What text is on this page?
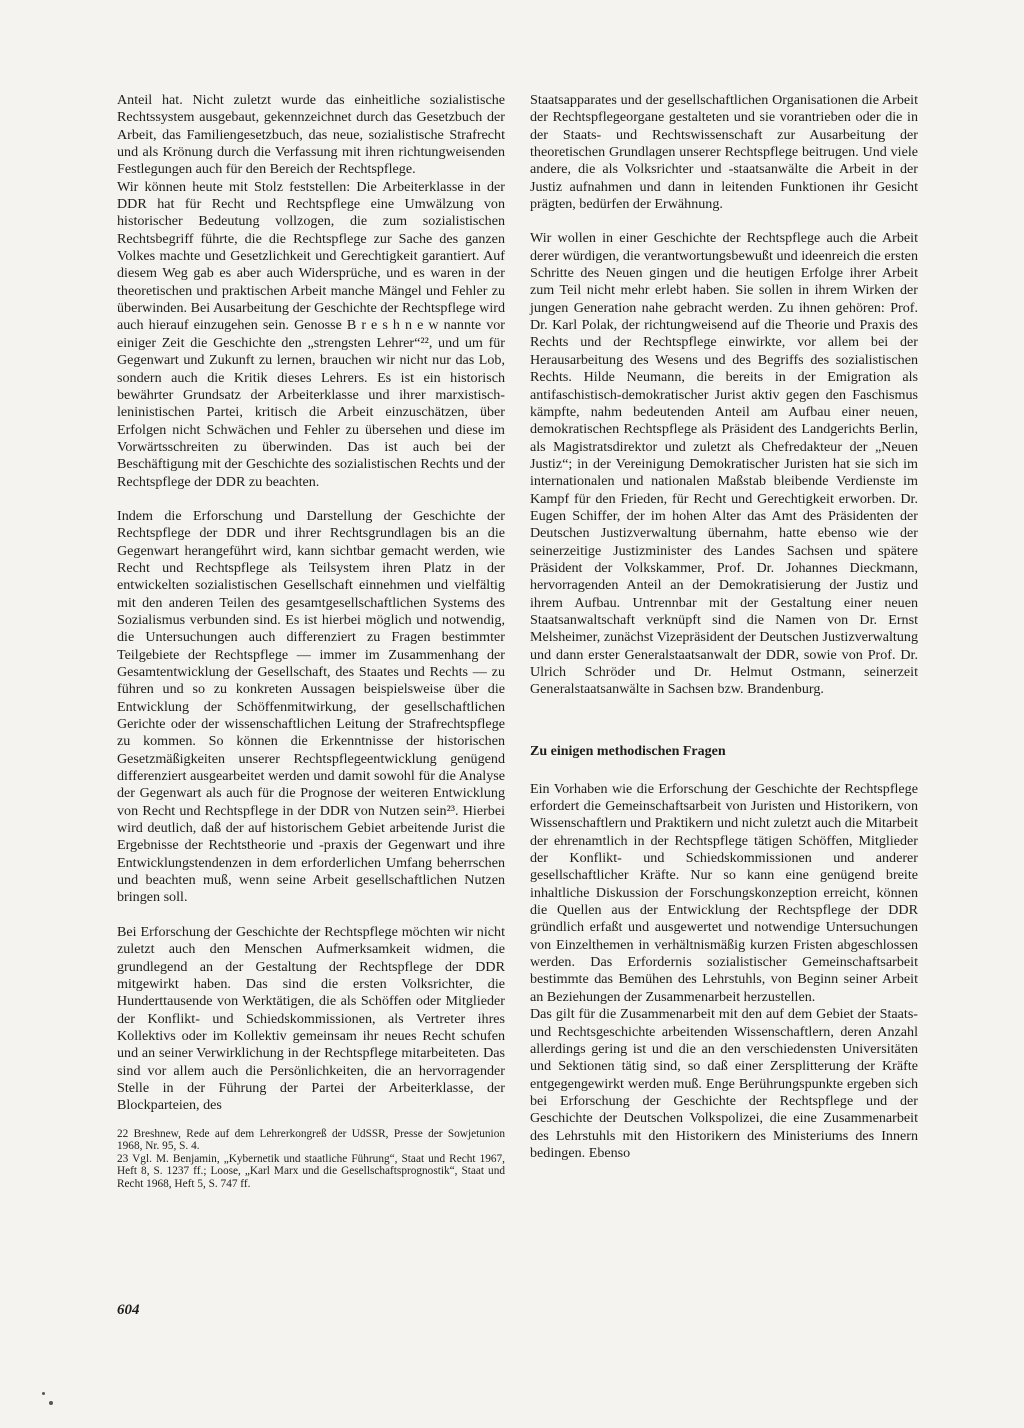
Anteil hat. Nicht zuletzt wurde das einheitliche sozialistische Rechtssystem ausgebaut, gekennzeichnet durch das Gesetzbuch der Arbeit, das Familiengesetzbuch, das neue, sozialistische Strafrecht und als Krönung durch die Verfassung mit ihren richtungweisenden Festlegungen auch für den Bereich der Rechtspflege.

Wir können heute mit Stolz feststellen: Die Arbeiterklasse in der DDR hat für Recht und Rechtspflege eine Umwälzung von historischer Bedeutung vollzogen, die zum sozialistischen Rechtsbegriff führte, die die Rechtspflege zur Sache des ganzen Volkes machte und Gesetzlichkeit und Gerechtigkeit garantiert. Auf diesem Weg gab es aber auch Widersprüche, und es waren in der theoretischen und praktischen Arbeit manche Mängel und Fehler zu überwinden. Bei Ausarbeitung der Geschichte der Rechtspflege wird auch hierauf einzugehen sein. Genosse B r e s h n e w nannte vor einiger Zeit die Geschichte den „strengsten Lehrer“²², und um für Gegenwart und Zukunft zu lernen, brauchen wir nicht nur das Lob, sondern auch die Kritik dieses Lehrers. Es ist ein historisch bewährter Grundsatz der Arbeiterklasse und ihrer marxistisch-leninistischen Partei, kritisch die Arbeit einzuschätzen, über Erfolgen nicht Schwächen und Fehler zu übersehen und diese im Vorwärtsschreiten zu überwinden. Das ist auch bei der Beschäftigung mit der Geschichte des sozialistischen Rechts und der Rechtspflege der DDR zu beachten.

Indem die Erforschung und Darstellung der Geschichte der Rechtspflege der DDR und ihrer Rechtsgrundlagen bis an die Gegenwart herangeführt wird, kann sichtbar gemacht werden, wie Recht und Rechtspflege als Teilsystem ihren Platz in der entwickelten sozialistischen Gesellschaft einnehmen und vielfältig mit den anderen Teilen des gesamtgesellschaftlichen Systems des Sozialismus verbunden sind. Es ist hierbei möglich und notwendig, die Untersuchungen auch differenziert zu Fragen bestimmter Teilgebiete der Rechtspflege — immer im Zusammenhang der Gesamtentwicklung der Gesellschaft, des Staates und Rechts — zu führen und so zu konkreten Aussagen beispielsweise über die Entwicklung der Schöffenmitwirkung, der gesellschaftlichen Gerichte oder der wissenschaftlichen Leitung der Strafrechtspflege zu kommen. So können die Erkenntnisse der historischen Gesetzmäßigkeiten unserer Rechtspflegeentwicklung genügend differenziert ausgearbeitet werden und damit sowohl für die Analyse der Gegenwart als auch für die Prognose der weiteren Entwicklung von Recht und Rechtspflege in der DDR von Nutzen sein²³. Hierbei wird deutlich, daß der auf historischem Gebiet arbeitende Jurist die Ergebnisse der Rechtstheorie und -praxis der Gegenwart und ihre Entwicklungstendenzen in dem erforderlichen Umfang beherrschen und beachten muß, wenn seine Arbeit gesellschaftlichen Nutzen bringen soll.

Bei Erforschung der Geschichte der Rechtspflege möchten wir nicht zuletzt auch den Menschen Aufmerksamkeit widmen, die grundlegend an der Gestaltung der Rechtspflege der DDR mitgewirkt haben. Das sind die ersten Volksrichter, die Hunderttausende von Werktätigen, die als Schöffen oder Mitglieder der Konflikt- und Schiedskommissionen, als Vertreter ihres Kollektivs oder im Kollektiv gemeinsam ihr neues Recht schufen und an seiner Verwirklichung in der Rechtspflege mitarbeiteten. Das sind vor allem auch die Persönlichkeiten, die an hervorragender Stelle in der Führung der Partei der Arbeiterklasse, der Blockparteien, des

22 Breshnew, Rede auf dem Lehrerkongreß der UdSSR, Presse der Sowjetunion 1968, Nr. 95, S. 4.

23 Vgl. M. Benjamin, „Kybernetik und staatliche Führung“, Staat und Recht 1967, Heft 8, S. 1237 ff.; Loose, „Karl Marx und die Gesellschaftsprognostik“, Staat und Recht 1968, Heft 5, S. 747 ff.

Staatsapparates und der gesellschaftlichen Organisationen die Arbeit der Rechtspflegeorgane gestalteten und sie vorantrieben oder die in der Staats- und Rechtswissenschaft zur Ausarbeitung der theoretischen Grundlagen unserer Rechtspflege beitrugen. Und viele andere, die als Volksrichter und -staatsanwälte die Arbeit in der Justiz aufnahmen und dann in leitenden Funktionen ihr Gesicht prägten, bedürfen der Erwähnung.

Wir wollen in einer Geschichte der Rechtspflege auch die Arbeit derer würdigen, die verantwortungsbewußt und ideenreich die ersten Schritte des Neuen gingen und die heutigen Erfolge ihrer Arbeit zum Teil nicht mehr erlebt haben. Sie sollen in ihrem Wirken der jungen Generation nahe gebracht werden. Zu ihnen gehören: Prof. Dr. Karl Polak, der richtungweisend auf die Theorie und Praxis des Rechts und der Rechtspflege einwirkte, vor allem bei der Herausarbeitung des Wesens und des Begriffs des sozialistischen Rechts. Hilde Neumann, die bereits in der Emigration als antifaschistisch-demokratischer Jurist aktiv gegen den Faschismus kämpfte, nahm bedeutenden Anteil am Aufbau einer neuen, demokratischen Rechtspflege als Präsident des Landgerichts Berlin, als Magistratsdirektor und zuletzt als Chefredakteur der „Neuen Justiz“; in der Vereinigung Demokratischer Juristen hat sie sich im internationalen und nationalen Maßstab bleibende Verdienste im Kampf für den Frieden, für Recht und Gerechtigkeit erworben. Dr. Eugen Schiffer, der im hohen Alter das Amt des Präsidenten der Deutschen Justizverwaltung übernahm, hatte ebenso wie der seinerzeitige Justizminister des Landes Sachsen und spätere Präsident der Volkskammer, Prof. Dr. Johannes Dieckmann, hervorragenden Anteil an der Demokratisierung der Justiz und ihrem Aufbau. Untrennbar mit der Gestaltung einer neuen Staatsanwaltschaft verknüpft sind die Namen von Dr. Ernst Melsheimer, zunächst Vizepräsident der Deutschen Justizverwaltung und dann erster Generalstaatsanwalt der DDR, sowie von Prof. Dr. Ulrich Schröder und Dr. Helmut Ostmann, seinerzeit Generalstaatsanwälte in Sachsen bzw. Brandenburg.

Zu einigen methodischen Fragen

Ein Vorhaben wie die Erforschung der Geschichte der Rechtspflege erfordert die Gemeinschaftsarbeit von Juristen und Historikern, von Wissenschaftlern und Praktikern und nicht zuletzt auch die Mitarbeit der ehrenamtlich in der Rechtspflege tätigen Schöffen, Mitglieder der Konflikt- und Schiedskommissionen und anderer gesellschaftlicher Kräfte. Nur so kann eine genügend breite inhaltliche Diskussion der Forschungskonzeption erreicht, können die Quellen aus der Entwicklung der Rechtspflege der DDR gründlich erfaßt und ausgewertet und notwendige Untersuchungen von Einzelthemen in verhältnismäßig kurzen Fristen abgeschlossen werden. Das Erfordernis sozialistischer Gemeinschaftsarbeit bestimmte das Bemühen des Lehrstuhls, von Beginn seiner Arbeit an Beziehungen der Zusammenarbeit herzustellen.

Das gilt für die Zusammenarbeit mit den auf dem Gebiet der Staats- und Rechtsgeschichte arbeitenden Wissenschaftlern, deren Anzahl allerdings gering ist und die an den verschiedensten Universitäten und Sektionen tätig sind, so daß einer Zersplitterung der Kräfte entgegengewirkt werden muß. Enge Berührungspunkte ergeben sich bei Erforschung der Geschichte der Rechtspflege und der Geschichte der Deutschen Volkspolizei, die eine Zusammenarbeit des Lehrstuhls mit den Historikern des Ministeriums des Innern bedingen. Ebenso

604
